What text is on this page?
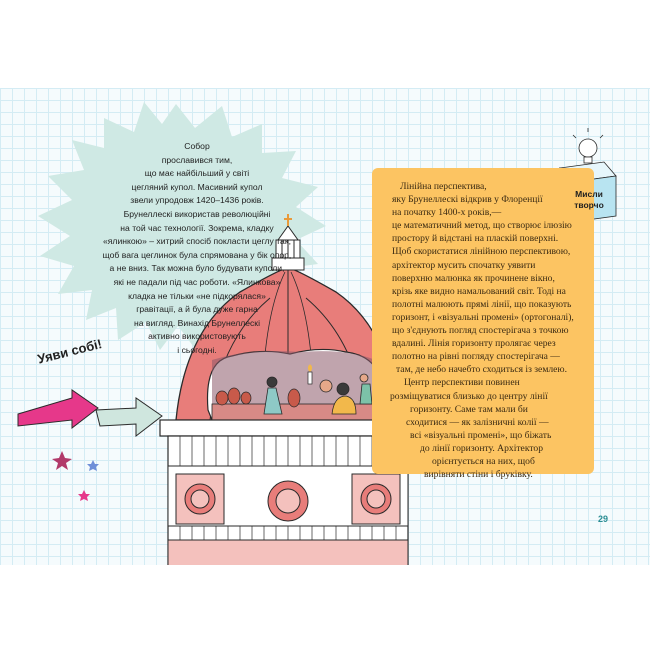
Собор
прославився тим,
що має найбільший у світі
цегляний купол. Масивний купол
звели упродовж 1420–1436 років.
Брунеллескі використав революційні
на той час технології. Зокрема, кладку
«ялинкою» – хитрий спосіб покласти цеглу так,
щоб вага цеглинок була спрямована у бік опор,
а не вниз. Так можна було будувати куполи,
які не падали під час роботи. «Ялинкова»
кладка не тільки «не підкорялася»
гравітації, а й була дуже гарна
на вигляд. Винахід Брунеллескі
активно використовують
і сьогодні.

Уяви собі!

Лінійна перспектива,
яку Брунеллескі відкрив у Флоренції
на початку 1400-х років,—
це математичний метод, що створює ілюзію
простору й відстані на пласкій поверхні.
Щоб скористатися лінійною перспективою,
архітектор мусить спочатку уявити
поверхню малюнка як прочинене вікно,
крізь яке видно намальований світ. Тоді на
полотні малюють прямі лінії, що показують
горизонт, і «візуальні промені» (ортогоналі),
що з'єднують погляд спостерігача з точкою
вдалині. Лінія горизонту пролягає через
полотно на рівні погляду спостерігача —
там, де небо начебто сходиться із землею.
Центр перспективи повинен
розміщуватися близько до центру лінії
горизонту. Саме там мали би
сходитися — як залізничні колії —
всі «візуальні промені», що біжать
до лінії горизонту. Архітектор
орієнтується на них, щоб
вирівняти стіни і бруківку.

Мисли
творчо
29
